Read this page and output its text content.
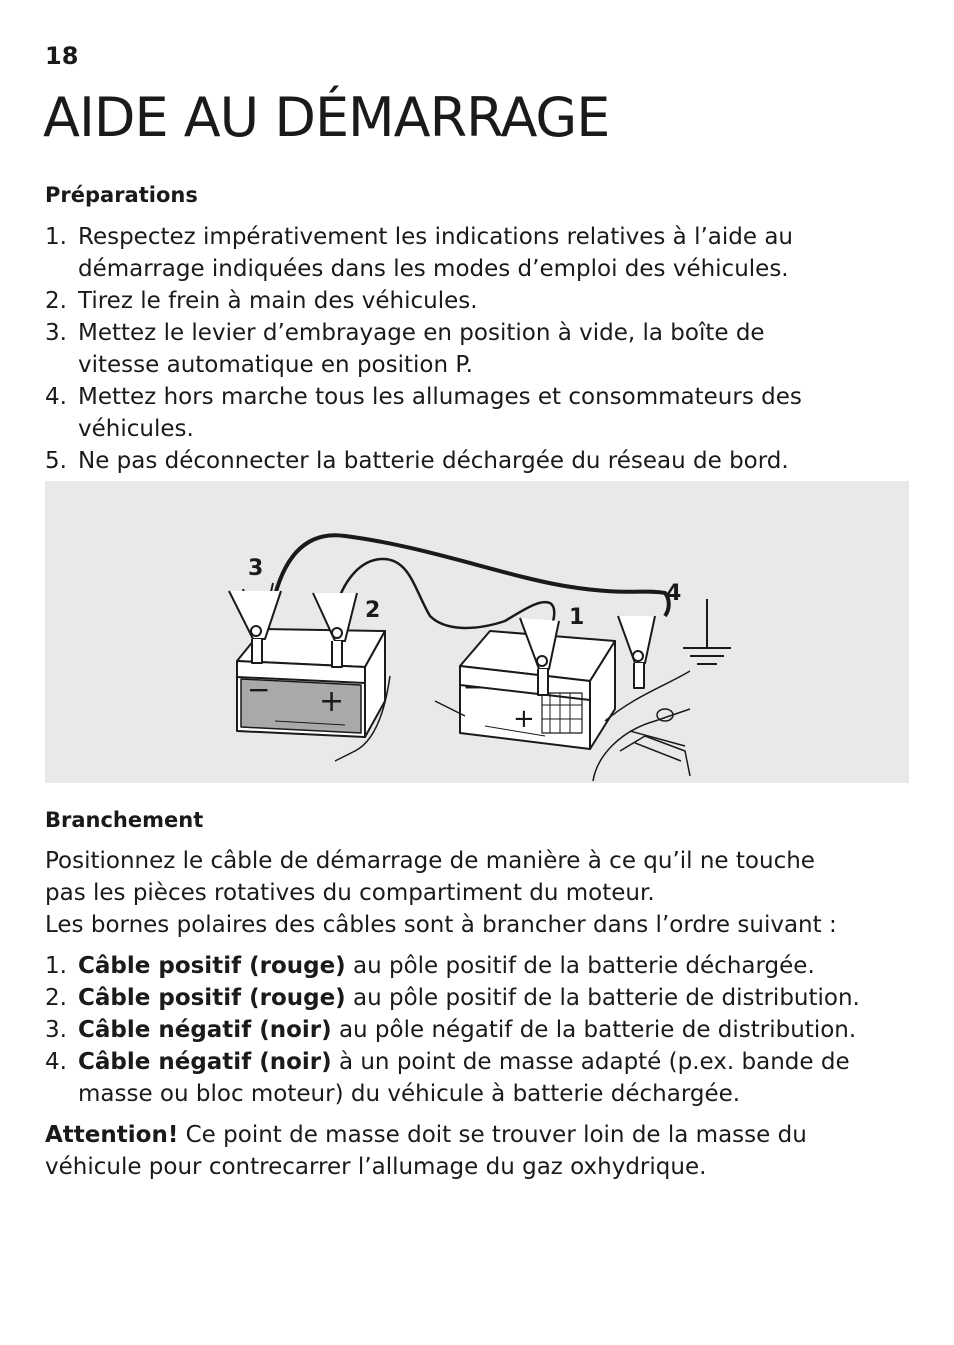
18
AIDE AU DÉMARRAGE
Préparations
1. Respectez impérativement les indications relatives à l’aide au démarrage indiquées dans les modes d’emploi des véhicules.
2. Tirez le frein à main des véhicules.
3. Mettez le levier d’embrayage en position à vide, la boîte de vitesse automatique en position P.
4. Mettez hors marche tous les allumages et consommateurs des véhicules.
5. Ne pas déconnecter la batterie déchargée du réseau de bord.
3
2	1
4
− +	−
+
Branchement

Positionnez le câble de démarrage de manière à ce qu’il ne touche pas les pièces rotatives du compartiment du moteur.

Les bornes polaires des câbles sont à brancher dans l’ordre suivant :

1. Câble positif (rouge) au pôle positif de la batterie déchargée.
2. Câble positif (rouge) au pôle positif de la batterie de distribution.
3. Câble négatif (noir) au pôle négatif de la batterie de distribution.
4. Câble négatif (noir) à un point de masse adapté (p.ex. bande de masse ou bloc moteur) du véhicule à batterie déchargée.

Attention! Ce point de masse doit se trouver loin de la masse du véhicule pour contrecarrer l’allumage du gaz oxhydrique.
